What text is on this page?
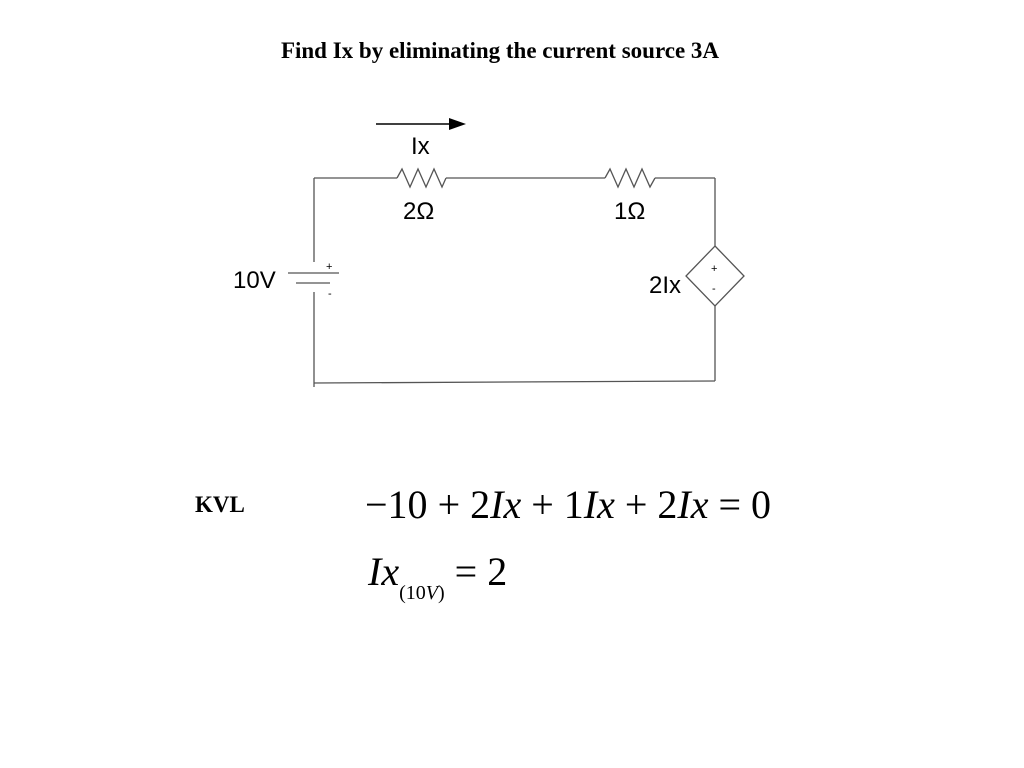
Find Ix by eliminating the current source 3A
Ix
2Ω	1Ω
+
-
10V	+
-
2Ix
KVL	−10 + 2Ix + 1Ix + 2Ix = 0
$Ix_{(10V)} = 2$
